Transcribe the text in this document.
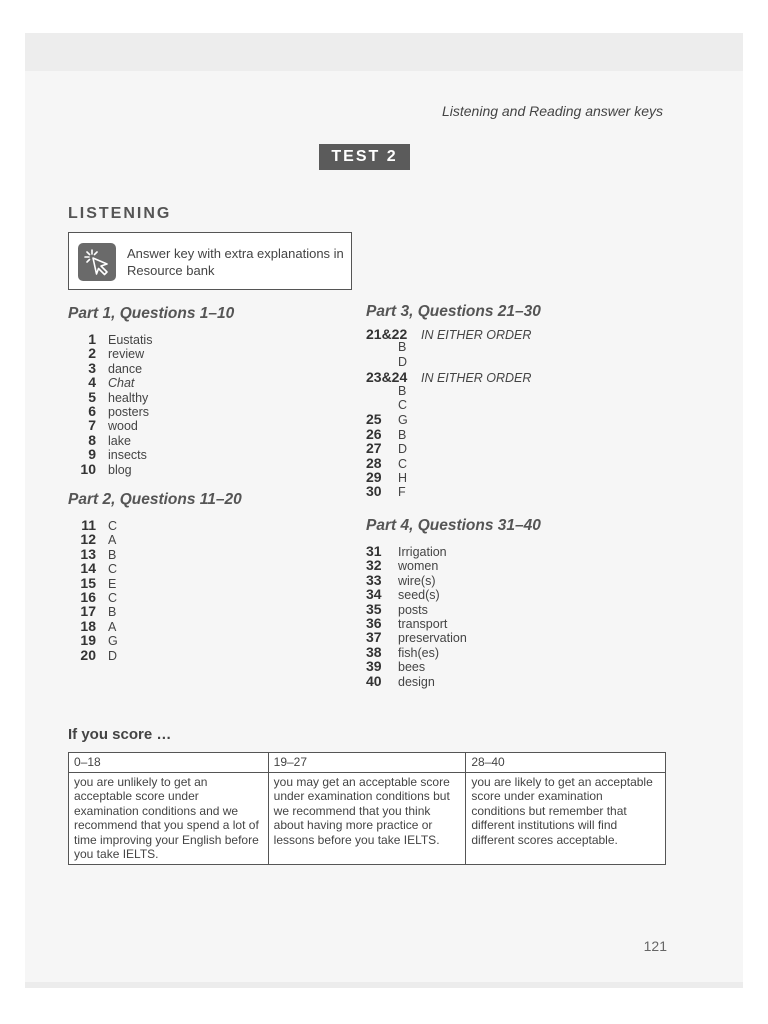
Listening and Reading answer keys
TEST 2
LISTENING
Answer key with extra explanations in Resource bank
Part 1, Questions 1–10
1 Eustatis
2 review
3 dance
4 Chat
5 healthy
6 posters
7 wood
8 lake
9 insects
10 blog
Part 2, Questions 11–20
11 C
12 A
13 B
14 C
15 E
16 C
17 B
18 A
19 G
20 D
Part 3, Questions 21–30
21&22 IN EITHER ORDER
B
D
23&24 IN EITHER ORDER
B
C
25 G
26 B
27 D
28 C
29 H
30 F
Part 4, Questions 31–40
31 Irrigation
32 women
33 wire(s)
34 seed(s)
35 posts
36 transport
37 preservation
38 fish(es)
39 bees
40 design
If you score …
0–18	19–27	28–40
you are unlikely to get an acceptable score under examination conditions and we recommend that you spend a lot of time improving your English before you take IELTS.	you may get an acceptable score under examination conditions but we recommend that you think about having more practice or lessons before you take IELTS.	you are likely to get an acceptable score under examination conditions but remember that different institutions will find different scores acceptable.
121
